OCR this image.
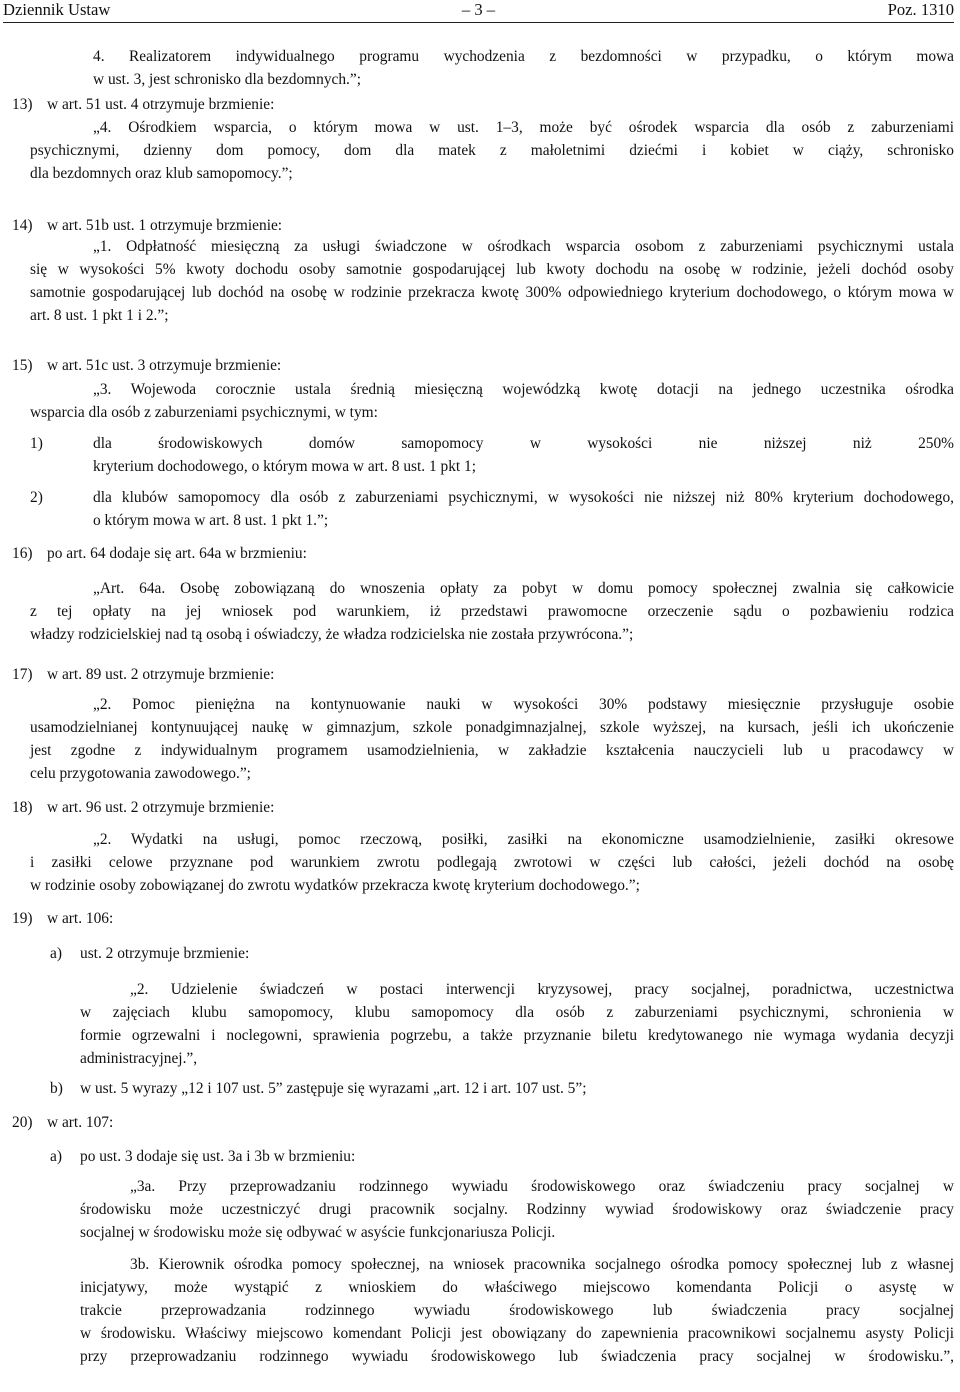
Dziennik Ustaw	– 3 –	Poz. 1310
4. Realizatorem indywidualnego programu wychodzenia z bezdomności w przypadku, o którym mowa
w ust. 3, jest schronisko dla bezdomnych.”;
13) w art. 51 ust. 4 otrzymuje brzmienie:
„4. Ośrodkiem wsparcia, o którym mowa w ust. 1–3, może być ośrodek wsparcia dla osób z zaburzeniami
psychicznymi, dzienny dom pomocy, dom dla matek z małoletnimi dziećmi i kobiet w ciąży, schronisko
dla bezdomnych oraz klub samopomocy.”;
14) w art. 51b ust. 1 otrzymuje brzmienie:
„1. Odpłatność miesięczną za usługi świadczone w ośrodkach wsparcia osobom z zaburzeniami psychicznymi ustala
się w wysokości 5% kwoty dochodu osoby samotnie gospodarującej lub kwoty dochodu na osobę w rodzinie, jeżeli dochód osoby
samotnie gospodarującej lub dochód na osobę w rodzinie przekracza kwotę 300% odpowiedniego kryterium dochodowego, o którym mowa w
art. 8 ust. 1 pkt 1 i 2.”;
15) w art. 51c ust. 3 otrzymuje brzmienie:
„3. Wojewoda corocznie ustala średnią miesięczną wojewódzką kwotę dotacji na jednego uczestnika ośrodka
wsparcia dla osób z zaburzeniami psychicznymi, w tym:
1)	dla środowiskowych domów samopomocy w wysokości nie niższej niż 250%
kryterium dochodowego, o którym mowa w art. 8 ust. 1 pkt 1;
2)	dla klubów samopomocy dla osób z zaburzeniami psychicznymi, w wysokości nie niższej niż 80% kryterium dochodowego,
o którym mowa w art. 8 ust. 1 pkt 1.”;
16) po art. 64 dodaje się art. 64a w brzmieniu:
„Art. 64a. Osobę zobowiązaną do wnoszenia opłaty za pobyt w domu pomocy społecznej zwalnia się całkowicie
z tej opłaty na jej wniosek pod warunkiem, iż przedstawi prawomocne orzeczenie sądu o pozbawieniu rodzica
władzy rodzicielskiej nad tą osobą i oświadczy, że władza rodzicielska nie została przywrócona.”;
17) w art. 89 ust. 2 otrzymuje brzmienie:
„2. Pomoc pieniężna na kontynuowanie nauki w wysokości 30% podstawy miesięcznie przysługuje osobie
usamodzielnianej kontynuującej naukę w gimnazjum, szkole ponadgimnazjalnej, szkole wyższej, na kursach, jeśli ich ukończenie
jest zgodne z indywidualnym programem usamodzielnienia, w zakładzie kształcenia nauczycieli lub u pracodawcy w
celu przygotowania zawodowego.”;
18) w art. 96 ust. 2 otrzymuje brzmienie:
„2. Wydatki na usługi, pomoc rzeczową, posiłki, zasiłki na ekonomiczne usamodzielnienie, zasiłki okresowe
i zasiłki celowe przyznane pod warunkiem zwrotu podlegają zwrotowi w części lub całości, jeżeli dochód na osobę
w rodzinie osoby zobowiązanej do zwrotu wydatków przekracza kwotę kryterium dochodowego.”;
19) w art. 106:
a) ust. 2 otrzymuje brzmienie:
„2. Udzielenie świadczeń w postaci interwencji kryzysowej, pracy socjalnej, poradnictwa, uczestnictwa
w zajęciach klubu samopomocy, klubu samopomocy dla osób z zaburzeniami psychicznymi, schronienia w
formie ogrzewalni i noclegowni, sprawienia pogrzebu, a także przyznanie biletu kredytowanego nie wymaga wydania decyzji
administracyjnej.”,
b) w ust. 5 wyrazy „12 i 107 ust. 5” zastępuje się wyrazami „art. 12 i art. 107 ust. 5”;
20) w art. 107:
a) po ust. 3 dodaje się ust. 3a i 3b w brzmieniu:
„3a. Przy przeprowadzaniu rodzinnego wywiadu środowiskowego oraz świadczeniu pracy socjalnej w
środowisku może uczestniczyć drugi pracownik socjalny. Rodzinny wywiad środowiskowy oraz świadczenie pracy
socjalnej w środowisku może się odbywać w asyście funkcjonariusza Policji.
3b. Kierownik ośrodka pomocy społecznej, na wniosek pracownika socjalnego ośrodka pomocy społecznej lub z własnej
inicjatywy, może wystąpić z wnioskiem do właściwego miejscowo komendanta Policji o asystę w
trakcie przeprowadzania rodzinnego wywiadu środowiskowego lub świadczenia pracy socjalnej
w środowisku. Właściwy miejscowo komendant Policji jest obowiązany do zapewnienia pracownikowi socjalnemu asysty Policji
przy przeprowadzaniu rodzinnego wywiadu środowiskowego lub świadczenia pracy socjalnej w środowisku.”,
